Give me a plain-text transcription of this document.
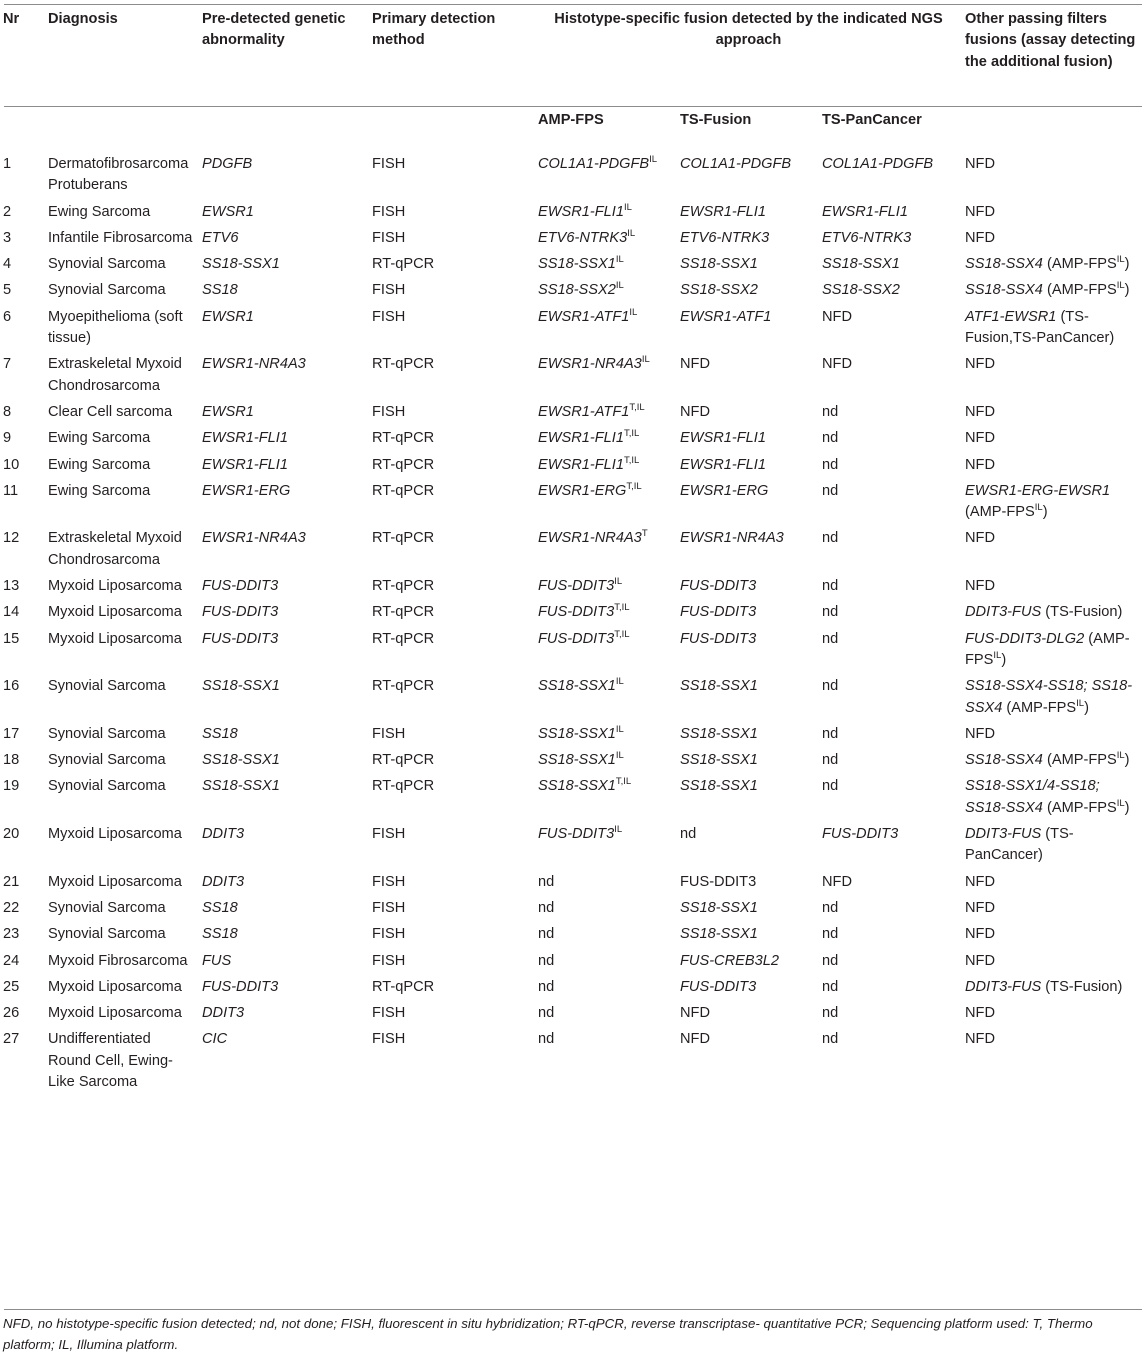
Nr	Diagnosis	Pre-detected genetic abnormality	Primary detection method	Histotype-specific fusion detected by the indicated NGS approach			Other passing filters fusions (assay detecting the additional fusion)
				AMP-FPS	TS-Fusion	TS-PanCancer	
1	Dermatofibrosarcoma Protuberans	PDGFB	FISH	$COL1A1-PDGFB^{IL}$	COL1A1-PDGFB	COL1A1-PDGFB	NFD
2	Ewing Sarcoma	EWSR1	FISH	$EWSR1-FLI1^{IL}$	EWSR1-FLI1	EWSR1-FLI1	NFD
3	Infantile Fibrosarcoma	ETV6	FISH	$ETV6-NTRK3^{IL}$	ETV6-NTRK3	ETV6-NTRK3	NFD
4	Synovial Sarcoma	SS18-SSX1	RT-qPCR	$SS18-SSX1^{IL}$	SS18-SSX1	SS18-SSX1	SS18-SSX4 $(AMP-FPS^{IL})$
5	Synovial Sarcoma	SS18	FISH	$SS18-SSX2^{IL}$	SS18-SSX2	SS18-SSX2	SS18-SSX4 $(AMP-FPS^{IL})$
6	Myoepithelioma (soft tissue)	EWSR1	FISH	$EWSR1-ATF1^{IL}$	EWSR1-ATF1	NFD	ATF1-EWSR1 (TS-Fusion,TS-PanCancer)
7	Extraskeletal Myxoid Chondrosarcoma	EWSR1-NR4A3	RT-qPCR	$EWSR1-NR4A3^{IL}$	NFD	NFD	NFD
8	Clear Cell sarcoma	EWSR1	FISH	$EWSR1-ATF1^{T,IL}$	NFD	nd	NFD
9	Ewing Sarcoma	EWSR1-FLI1	RT-qPCR	$EWSR1-FLI1^{T,IL}$	EWSR1-FLI1	nd	NFD
10	Ewing Sarcoma	EWSR1-FLI1	RT-qPCR	$EWSR1-FLI1^{T,IL}$	EWSR1-FLI1	nd	NFD
11	Ewing Sarcoma	EWSR1-ERG	RT-qPCR	$EWSR1-ERG^{T,IL}$	EWSR1-ERG	nd	EWSR1-ERG-EWSR1 $(AMP-FPS^{IL})$
12	Extraskeletal Myxoid Chondrosarcoma	EWSR1-NR4A3	RT-qPCR	$EWSR1-NR4A3^T$	EWSR1-NR4A3	nd	NFD
13	Myxoid Liposarcoma	FUS-DDIT3	RT-qPCR	FUS-$DDIT3^{IL}$	FUS-DDIT3	nd	NFD
14	Myxoid Liposarcoma	FUS-DDIT3	RT-qPCR	FUS-$DDIT3^{T,IL}$	FUS-DDIT3	nd	DDIT3-FUS (TS-Fusion)
15	Myxoid Liposarcoma	FUS-DDIT3	RT-qPCR	FUS-$DDIT3^{T,IL}$	FUS-DDIT3	nd	FUS-DDIT3-DLG2 $(AMP-FPS^{IL})$
16	Synovial Sarcoma	SS18-SSX1	RT-qPCR	$SS18-SSX1^{IL}$	SS18-SSX1	nd	SS18-SSX4-SS18; SS18-SSX4 $(AMP-FPS^{IL})$
17	Synovial Sarcoma	SS18	FISH	$SS18-SSX1^{IL}$	SS18-SSX1	nd	NFD
18	Synovial Sarcoma	SS18-SSX1	RT-qPCR	$SS18-SSX1^{IL}$	SS18-SSX1	nd	SS18-SSX4 $(AMP-FPS^{IL})$
19	Synovial Sarcoma	SS18-SSX1	RT-qPCR	$SS18-SSX1^{T,IL}$	SS18-SSX1	nd	SS18-SSX1/4-SS18; SS18-SSX4 $(AMP-FPS^{IL})$
20	Myxoid Liposarcoma	DDIT3	FISH	FUS-$DDIT3^{IL}$	nd	FUS-DDIT3	DDIT3-FUS (TS-PanCancer)
21	Myxoid Liposarcoma	DDIT3	FISH	nd	FUS-DDIT3	NFD	NFD
22	Synovial Sarcoma	SS18	FISH	nd	SS18-SSX1	nd	NFD
23	Synovial Sarcoma	SS18	FISH	nd	SS18-SSX1	nd	NFD
24	Myxoid Fibrosarcoma	FUS	FISH	nd	FUS-CREB3L2	nd	NFD
25	Myxoid Liposarcoma	FUS-DDIT3	RT-qPCR	nd	FUS-DDIT3	nd	DDIT3-FUS (TS-Fusion)
26	Myxoid Liposarcoma	DDIT3	FISH	nd	NFD	nd	NFD
27	Undifferentiated Round Cell, Ewing-Like Sarcoma	CIC	FISH	nd	NFD	nd	NFD
NFD, no histotype-specific fusion detected; nd, not done; FISH, fluorescent in situ hybridization; RT-qPCR, reverse transcriptase- quantitative PCR; Sequencing platform used: T, Thermo platform; IL, Illumina platform.
